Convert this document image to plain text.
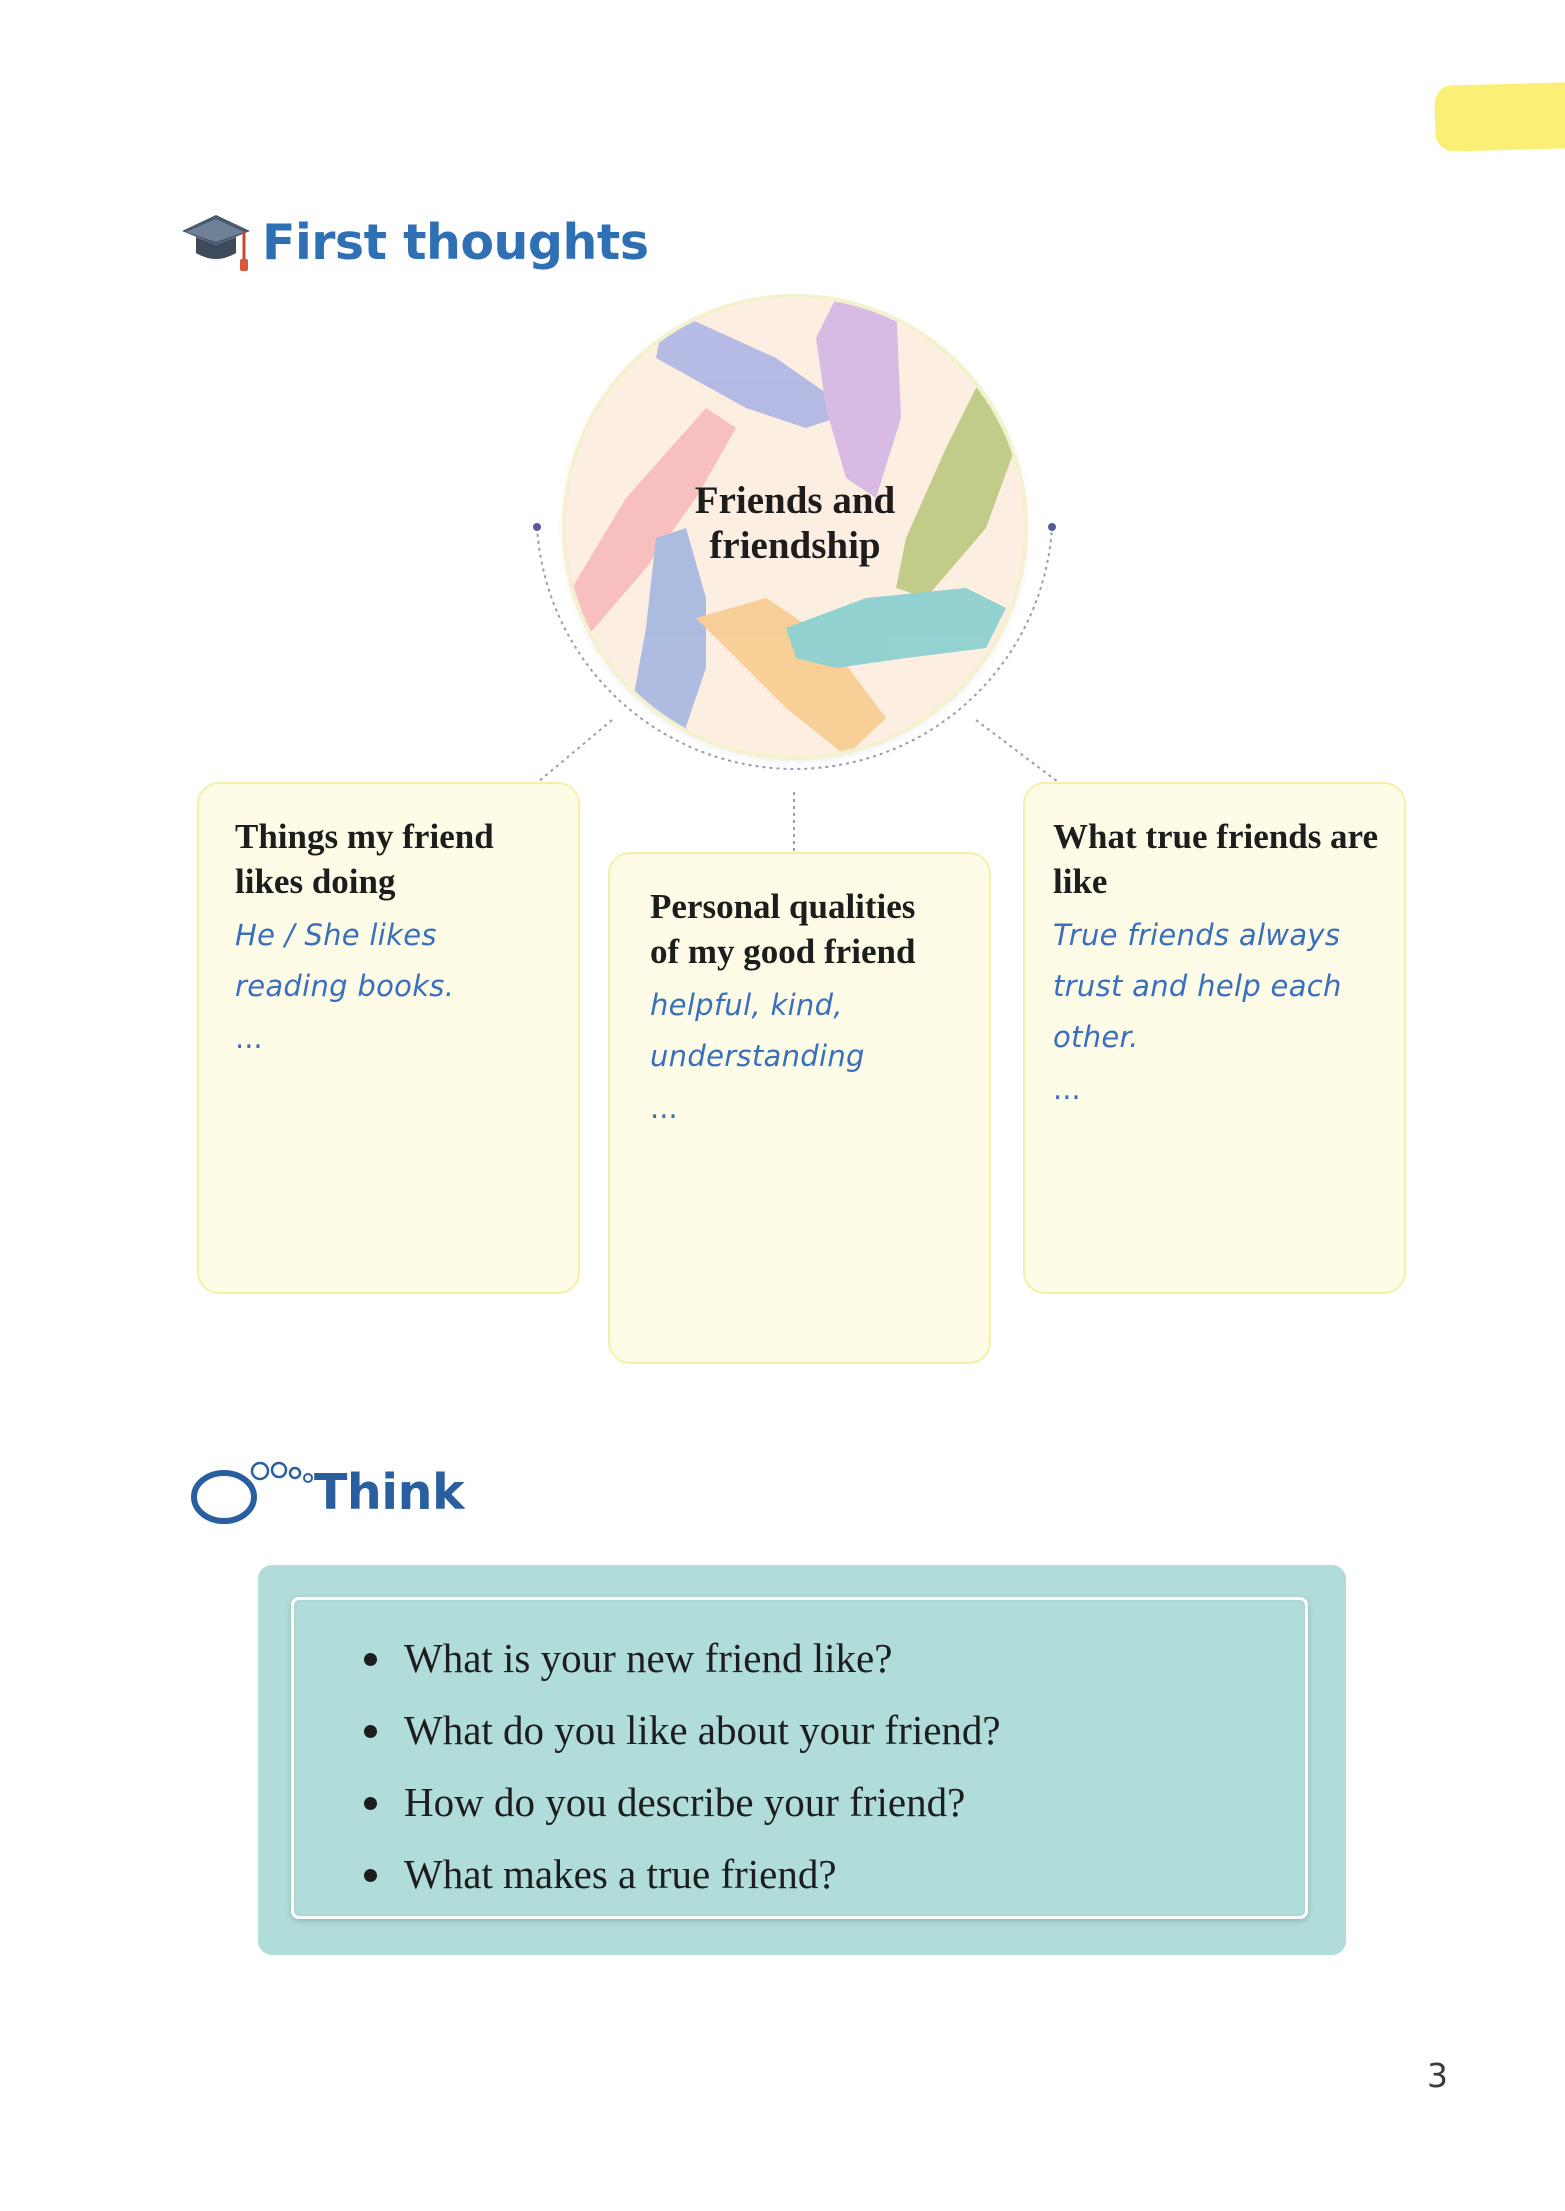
First thoughts
Friends and
friendship
Things my friend
likes doing
He / She likes
reading books.
...
Personal qualities
of my good friend
helpful, kind,
understanding
...
What true friends are
like
True friends always
trust and help each
other.
...
Think
What is your new friend like?
What do you like about your friend?
How do you describe your friend?
What makes a true friend?
3
